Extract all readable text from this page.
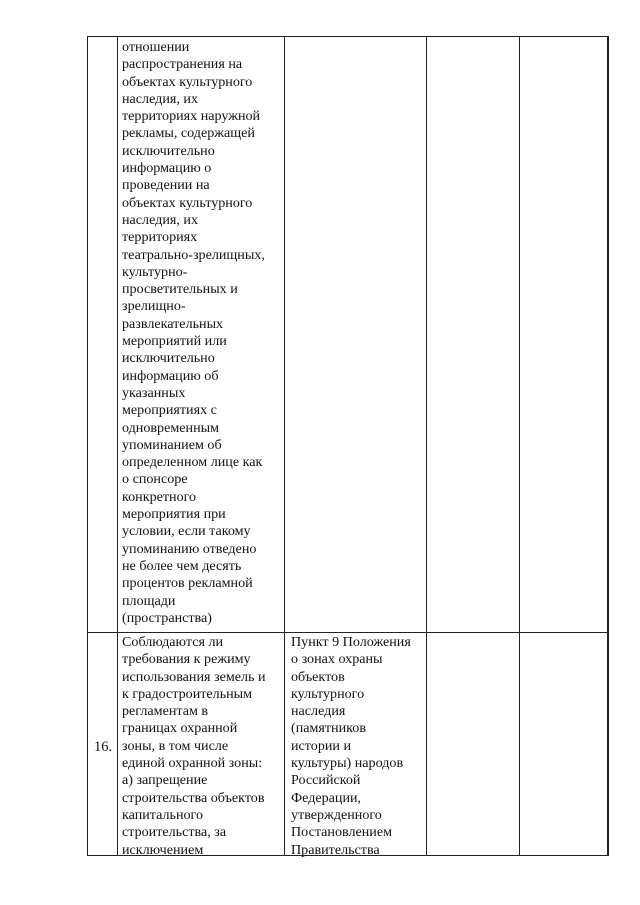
отношении
распространения на
объектах культурного
наследия, их
территориях наружной
рекламы, содержащей
исключительно
информацию о
проведении на
объектах культурного
наследия, их
территориях
театрально-зрелищных,
культурно-
просветительных и
зрелищно-
развлекательных
мероприятий или
исключительно
информацию об
указанных
мероприятиях с
одновременным
упоминанием об
определенном лице как
о спонсоре
конкретного
мероприятия при
условии, если такому
упоминанию отведено
не более чем десять
процентов рекламной
площади
(пространства)
16.
Соблюдаются ли
требования к режиму
использования земель и
к градостроительным
регламентам в
границах охранной
зоны, в том числе
единой охранной зоны:
а) запрещение
строительства объектов
капитального
строительства, за
исключением
Пункт 9 Положения
о зонах охраны
объектов
культурного
наследия
(памятников
истории и
культуры) народов
Российской
Федерации,
утвержденного
Постановлением
Правительства
